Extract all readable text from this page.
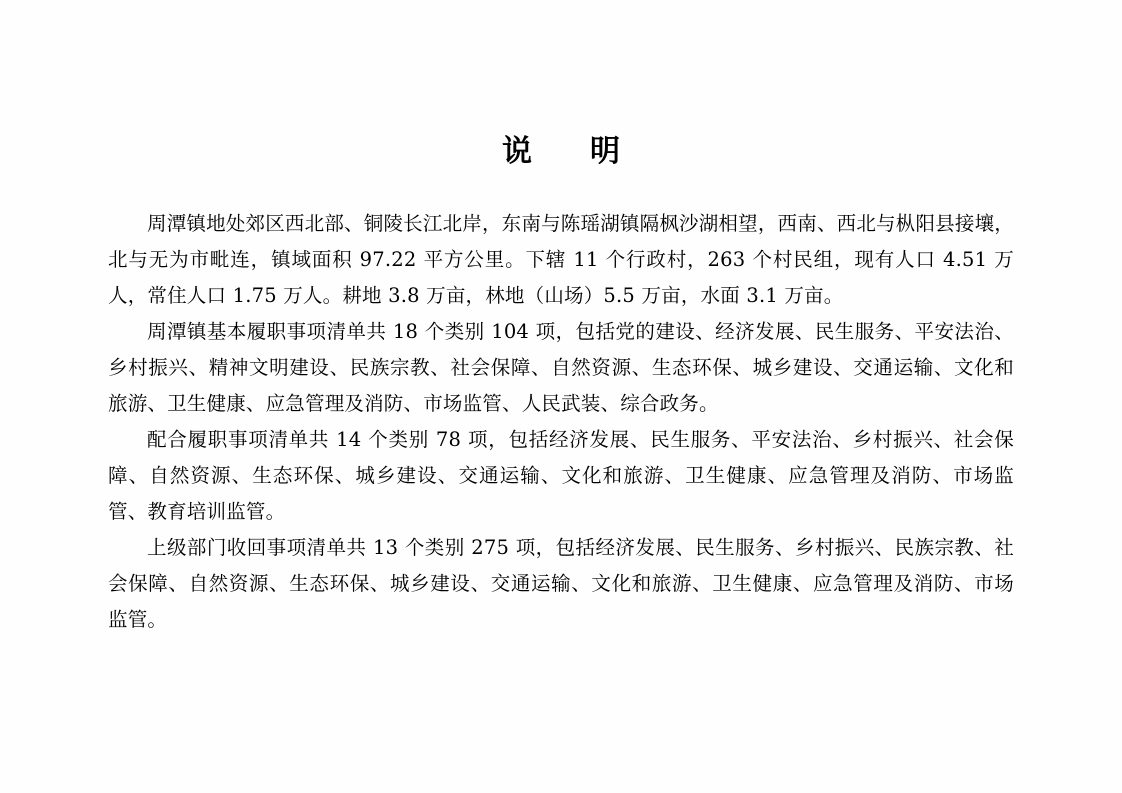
说　明

周潭镇地处郊区西北部、铜陵长江北岸，东南与陈瑶湖镇隔枫沙湖相望，西南、西北与枞阳县接壤，北与无为市毗连，镇域面积 97.22 平方公里。下辖 11 个行政村，263 个村民组，现有人口 4.51 万人，常住人口 1.75 万人。耕地 3.8 万亩，林地（山场）5.5 万亩，水面 3.1 万亩。

周潭镇基本履职事项清单共 18 个类别 104 项，包括党的建设、经济发展、民生服务、平安法治、乡村振兴、精神文明建设、民族宗教、社会保障、自然资源、生态环保、城乡建设、交通运输、文化和旅游、卫生健康、应急管理及消防、市场监管、人民武装、综合政务。

配合履职事项清单共 14 个类别 78 项，包括经济发展、民生服务、平安法治、乡村振兴、社会保障、自然资源、生态环保、城乡建设、交通运输、文化和旅游、卫生健康、应急管理及消防、市场监管、教育培训监管。

上级部门收回事项清单共 13 个类别 275 项，包括经济发展、民生服务、乡村振兴、民族宗教、社会保障、自然资源、生态环保、城乡建设、交通运输、文化和旅游、卫生健康、应急管理及消防、市场监管。
